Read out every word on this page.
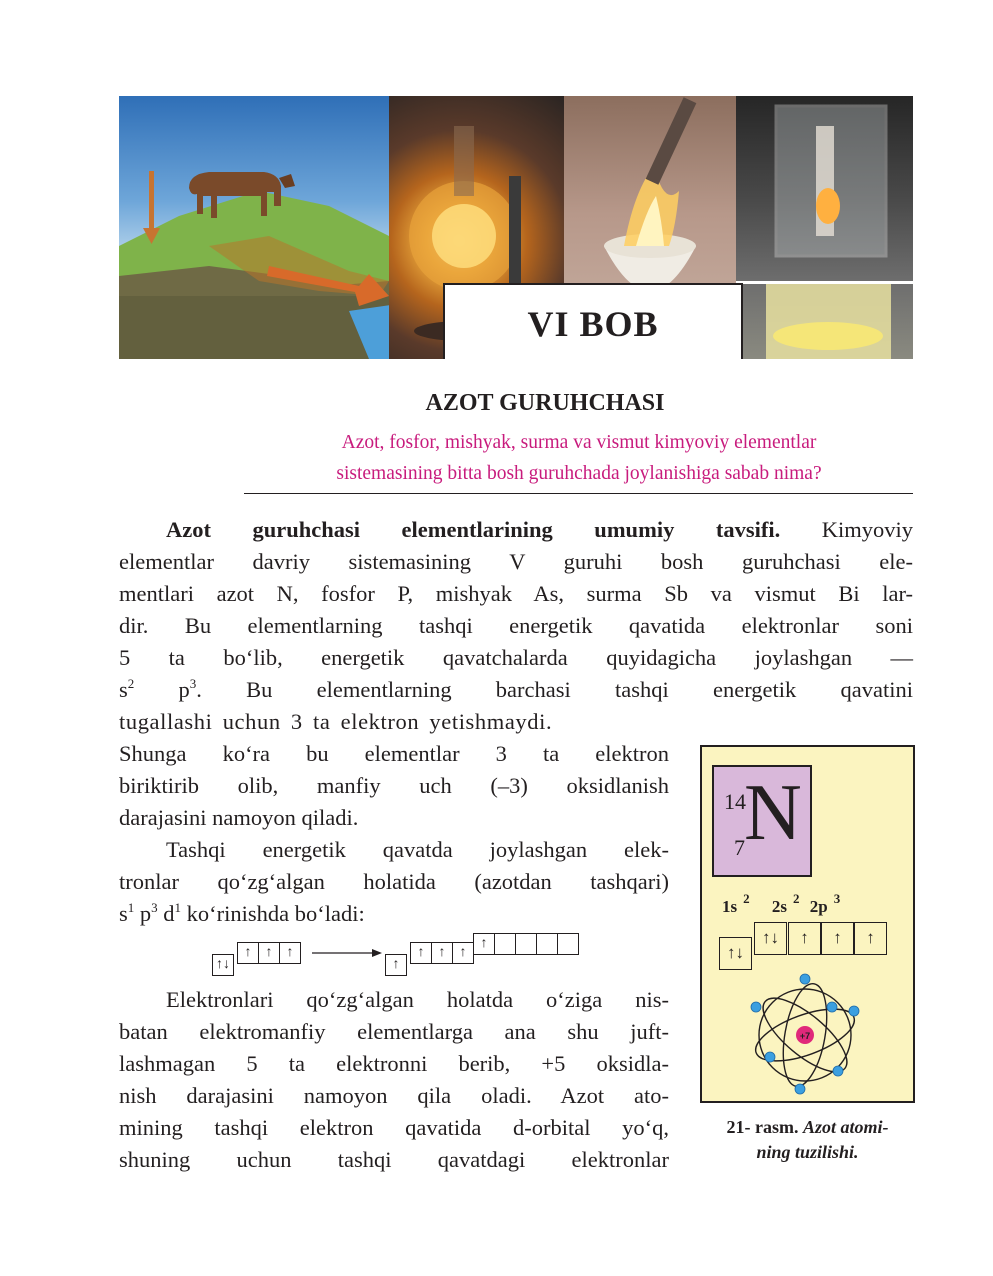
VI BOB
AZOT GURUHCHASI
Azot, fosfor, mishyak, surma va vismut kimyoviy elementlar
sistemasining bitta bosh guruhchada joylanishiga sabab nima?
Azot guruhchasi elementlarining umumiy tavsifi. Kimyoviy
elementlar davriy sistemasining V guruhi bosh guruhchasi ele-
mentlari azot N, fosfor P, mishyak As, surma Sb va vismut Bi lar-
dir. Bu elementlarning tashqi energetik qavatida elektronlar soni
5 ta bo‘lib, energetik qavatchalarda quyidagicha joylashgan —
$s^2$ $p^3$. Bu elementlarning barchasi tashqi energetik qavatini
tugallashi uchun 3 ta elektron yetishmaydi.
Shunga ko‘ra bu elementlar 3 ta elektron
biriktirib olib, manfiy uch (–3) oksidlanish
darajasini namoyon qiladi.
Tashqi energetik qavatda joylashgan elek-
tronlar qo‘zg‘algan holatida (azotdan tashqari)
$s^1$ $p^3$ $d^1$ ko‘rinishda bo‘ladi:
↑↓
↑	↑	↑
↑
↑	↑	↑
↑
Elektronlari qo‘zg‘algan holatda o‘ziga nis-
batan elektromanfiy elementlarga ana shu juft-
lashmagan 5 ta elektronni berib, +5 oksidla-
nish darajasini namoyon qila oladi. Azot ato-
mining tashqi elektron qavatida d-orbital yo‘q,
shuning uchun tashqi qavatdagi elektronlar
14
N
7
1s $^2$ 2s $^2$ 2p $^3$
↑↓
↑↓	↑	↑	↑
+7
21- rasm. Azot atomi-
ning tuzilishi.
